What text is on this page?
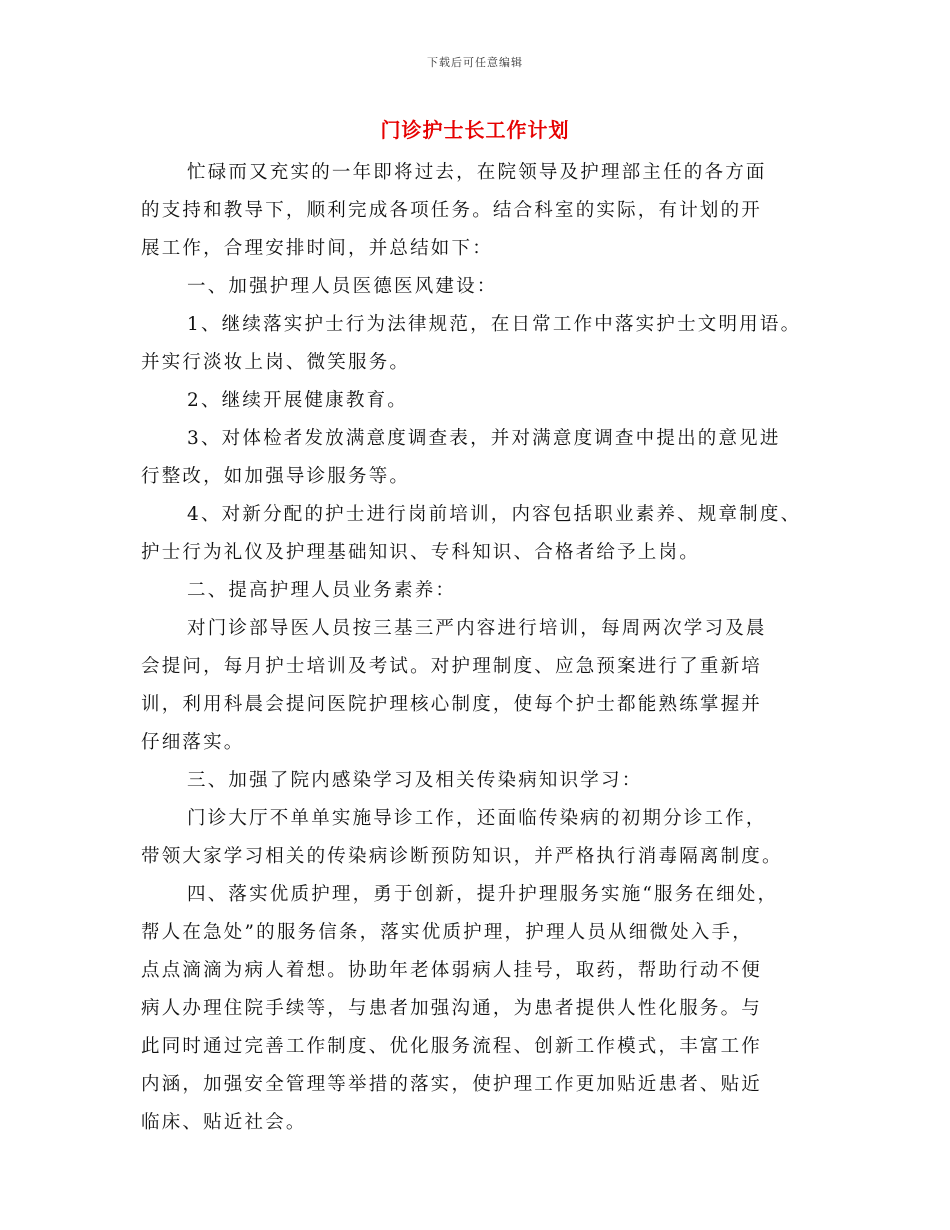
下载后可任意编辑
门诊护士长工作计划
忙碌而又充实的一年即将过去，在院领导及护理部主任的各方面
的支持和教导下，顺利完成各项任务。结合科室的实际，有计划的开
展工作，合理安排时间，并总结如下：
一、加强护理人员医德医风建设：
1、继续落实护士行为法律规范，在日常工作中落实护士文明用语。
并实行淡妆上岗、微笑服务。
2、继续开展健康教育。
3、对体检者发放满意度调查表，并对满意度调查中提出的意见进
行整改，如加强导诊服务等。
4、对新分配的护士进行岗前培训，内容包括职业素养、规章制度、
护士行为礼仪及护理基础知识、专科知识、合格者给予上岗。
二、提高护理人员业务素养：
对门诊部导医人员按三基三严内容进行培训，每周两次学习及晨
会提问，每月护士培训及考试。对护理制度、应急预案进行了重新培
训，利用科晨会提问医院护理核心制度，使每个护士都能熟练掌握并
仔细落实。
三、加强了院内感染学习及相关传染病知识学习：
门诊大厅不单单实施导诊工作，还面临传染病的初期分诊工作，
带领大家学习相关的传染病诊断预防知识，并严格执行消毒隔离制度。
四、落实优质护理，勇于创新，提升护理服务实施“服务在细处，
帮人在急处”的服务信条，落实优质护理，护理人员从细微处入手，
点点滴滴为病人着想。协助年老体弱病人挂号，取药，帮助行动不便
病人办理住院手续等，与患者加强沟通，为患者提供人性化服务。与
此同时通过完善工作制度、优化服务流程、创新工作模式，丰富工作
内涵，加强安全管理等举措的落实，使护理工作更加贴近患者、贴近
临床、贴近社会。
